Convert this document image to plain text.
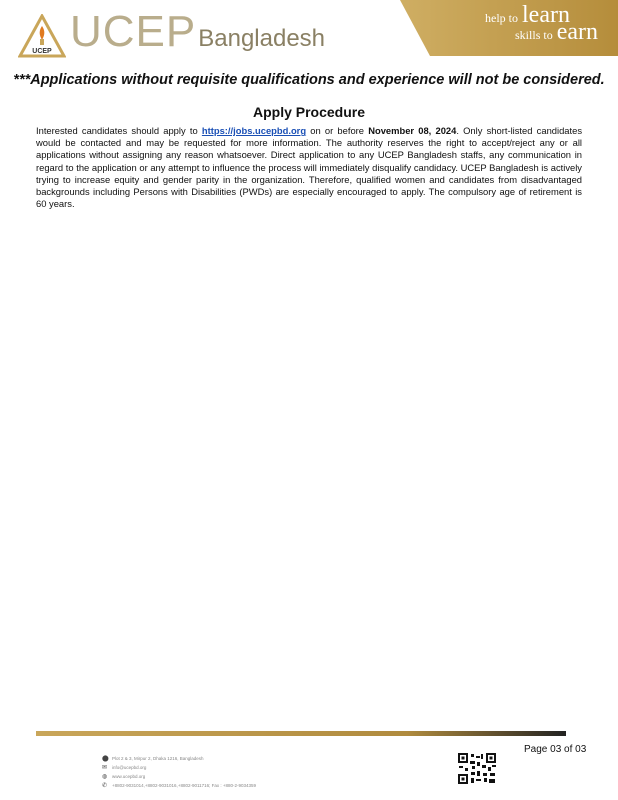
UCEP UCEPBangladesh
help to learn
skills to earn
***Applications without requisite qualifications and experience will not be considered.
Apply Procedure
Interested candidates should apply to https://jobs.ucepbd.org on or before November 08, 2024. Only short-listed candidates would be contacted and may be requested for more information. The authority reserves the right to accept/reject any or all applications without assigning any reason whatsoever. Direct application to any UCEP Bangladesh staffs, any communication in regard to the application or any attempt to influence the process will immediately disqualify candidacy. UCEP Bangladesh is actively trying to increase equity and gender parity in the organization. Therefore, qualified women and candidates from disadvantaged backgrounds including Persons with Disabilities (PWDs) are especially encouraged to apply. The compulsory age of retirement is 60 years.
Page 03 of 03
⬤ Plot 2 & 3, Mirpur 2, Dhaka 1216, Bangladesh
✉	info@ucepbd.org
◍	www.ucepbd.org
✆	+8802-9031014,+8802-9031016,+8802-9011716; Fax : +880-2-9034359
